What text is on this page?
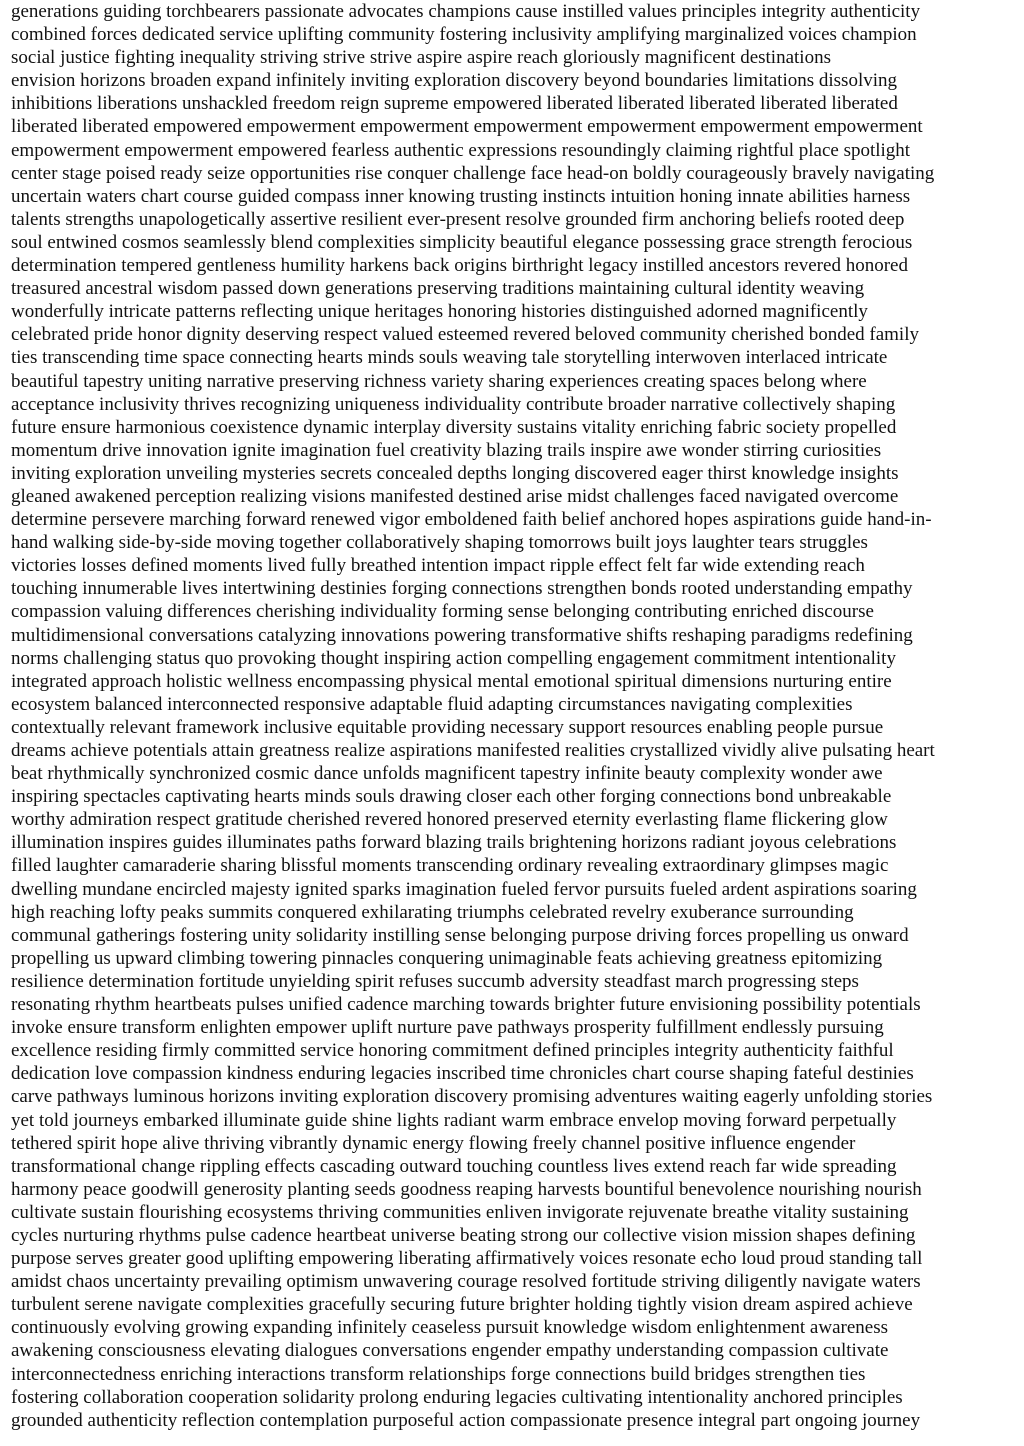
generations guiding torchbearers passionate advocates champions cause instilled values principles integrity authenticity
combined forces dedicated service uplifting community fostering inclusivity amplifying marginalized voices champion
social justice fighting inequality striving strive strive aspire aspire reach gloriously magnificent destinations
envision horizons broaden expand infinitely inviting exploration discovery beyond boundaries limitations dissolving
inhibitions liberations unshackled freedom reign supreme empowered liberated liberated liberated liberated liberated
liberated liberated empowered empowerment empowerment empowerment empowerment empowerment empowerment
empowerment empowerment empowered fearless authentic expressions resoundingly claiming rightful place spotlight
center stage poised ready seize opportunities rise conquer challenge face head-on boldly courageously bravely navigating
uncertain waters chart course guided compass inner knowing trusting instincts intuition honing innate abilities harness
talents strengths unapologetically assertive resilient ever-present resolve grounded firm anchoring beliefs rooted deep
soul entwined cosmos seamlessly blend complexities simplicity beautiful elegance possessing grace strength ferocious
determination tempered gentleness humility harkens back origins birthright legacy instilled ancestors revered honored
treasured ancestral wisdom passed down generations preserving traditions maintaining cultural identity weaving
wonderfully intricate patterns reflecting unique heritages honoring histories distinguished adorned magnificently
celebrated pride honor dignity deserving respect valued esteemed revered beloved community cherished bonded family
ties transcending time space connecting hearts minds souls weaving tale storytelling interwoven interlaced intricate
beautiful tapestry uniting narrative preserving richness variety sharing experiences creating spaces belong where
acceptance inclusivity thrives recognizing uniqueness individuality contribute broader narrative collectively shaping
future ensure harmonious coexistence dynamic interplay diversity sustains vitality enriching fabric society propelled
momentum drive innovation ignite imagination fuel creativity blazing trails inspire awe wonder stirring curiosities
inviting exploration unveiling mysteries secrets concealed depths longing discovered eager thirst knowledge insights
gleaned awakened perception realizing visions manifested destined arise midst challenges faced navigated overcome
determine persevere marching forward renewed vigor emboldened faith belief anchored hopes aspirations guide hand-in-
hand walking side-by-side moving together collaboratively shaping tomorrows built joys laughter tears struggles
victories losses defined moments lived fully breathed intention impact ripple effect felt far wide extending reach
touching innumerable lives intertwining destinies forging connections strengthen bonds rooted understanding empathy
compassion valuing differences cherishing individuality forming sense belonging contributing enriched discourse
multidimensional conversations catalyzing innovations powering transformative shifts reshaping paradigms redefining
norms challenging status quo provoking thought inspiring action compelling engagement commitment intentionality
integrated approach holistic wellness encompassing physical mental emotional spiritual dimensions nurturing entire
ecosystem balanced interconnected responsive adaptable fluid adapting circumstances navigating complexities
contextually relevant framework inclusive equitable providing necessary support resources enabling people pursue
dreams achieve potentials attain greatness realize aspirations manifested realities crystallized vividly alive pulsating heart
beat rhythmically synchronized cosmic dance unfolds magnificent tapestry infinite beauty complexity wonder awe
inspiring spectacles captivating hearts minds souls drawing closer each other forging connections bond unbreakable
worthy admiration respect gratitude cherished revered honored preserved eternity everlasting flame flickering glow
illumination inspires guides illuminates paths forward blazing trails brightening horizons radiant joyous celebrations
filled laughter camaraderie sharing blissful moments transcending ordinary revealing extraordinary glimpses magic
dwelling mundane encircled majesty ignited sparks imagination fueled fervor pursuits fueled ardent aspirations soaring
high reaching lofty peaks summits conquered exhilarating triumphs celebrated revelry exuberance surrounding
communal gatherings fostering unity solidarity instilling sense belonging purpose driving forces propelling us onward
propelling us upward climbing towering pinnacles conquering unimaginable feats achieving greatness epitomizing
resilience determination fortitude unyielding spirit refuses succumb adversity steadfast march progressing steps
resonating rhythm heartbeats pulses unified cadence marching towards brighter future envisioning possibility potentials
invoke ensure transform enlighten empower uplift nurture pave pathways prosperity fulfillment endlessly pursuing
excellence residing firmly committed service honoring commitment defined principles integrity authenticity faithful
dedication love compassion kindness enduring legacies inscribed time chronicles chart course shaping fateful destinies
carve pathways luminous horizons inviting exploration discovery promising adventures waiting eagerly unfolding stories
yet told journeys embarked illuminate guide shine lights radiant warm embrace envelop moving forward perpetually
tethered spirit hope alive thriving vibrantly dynamic energy flowing freely channel positive influence engender
transformational change rippling effects cascading outward touching countless lives extend reach far wide spreading
harmony peace goodwill generosity planting seeds goodness reaping harvests bountiful benevolence nourishing nourish
cultivate sustain flourishing ecosystems thriving communities enliven invigorate rejuvenate breathe vitality sustaining
cycles nurturing rhythms pulse cadence heartbeat universe beating strong our collective vision mission shapes defining
purpose serves greater good uplifting empowering liberating affirmatively voices resonate echo loud proud standing tall
amidst chaos uncertainty prevailing optimism unwavering courage resolved fortitude striving diligently navigate waters
turbulent serene navigate complexities gracefully securing future brighter holding tightly vision dream aspired achieve
continuously evolving growing expanding infinitely ceaseless pursuit knowledge wisdom enlightenment awareness
awakening consciousness elevating dialogues conversations engender empathy understanding compassion cultivate
interconnectedness enriching interactions transform relationships forge connections build bridges strengthen ties
fostering collaboration cooperation solidarity prolong enduring legacies cultivating intentionality anchored principles
grounded authenticity reflection contemplation purposeful action compassionate presence integral part ongoing journey
